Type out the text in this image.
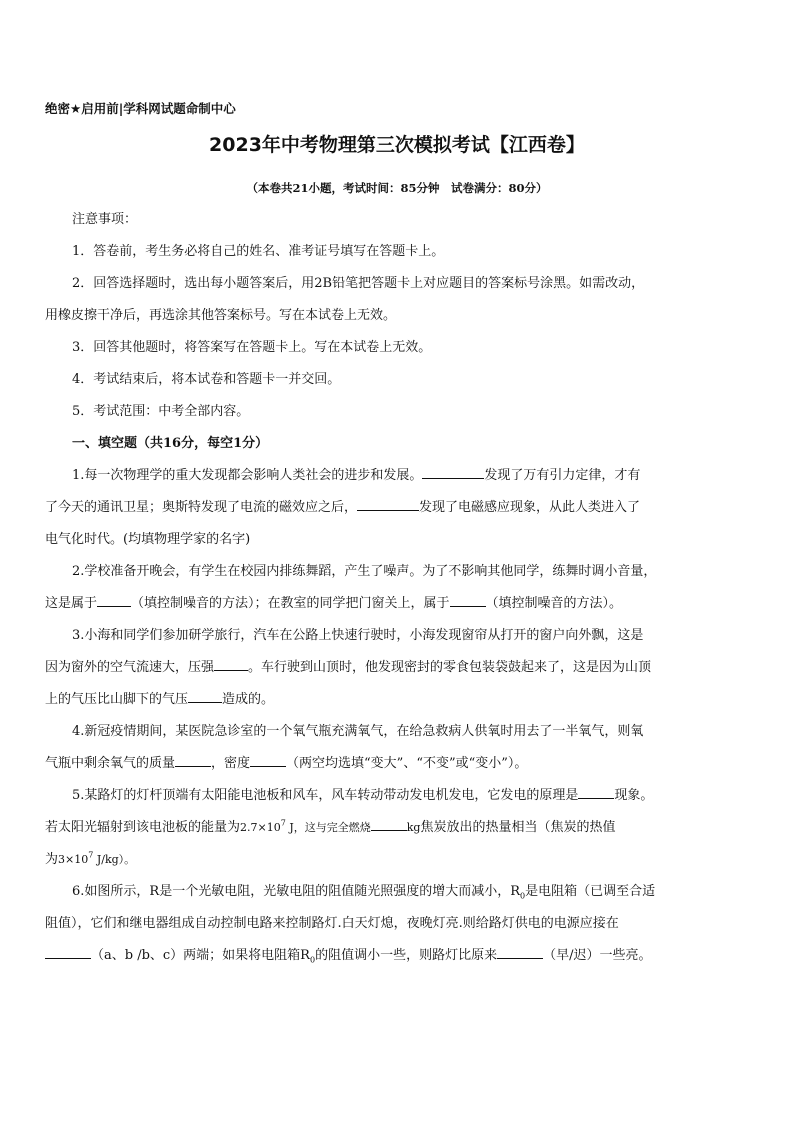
绝密★启用前|学科网试题命制中心
2023年中考物理第三次模拟考试【江西卷】
（本卷共21小题，考试时间：85分钟　试卷满分：80分）
注意事项：
1．答卷前，考生务必将自己的姓名、准考证号填写在答题卡上。
2．回答选择题时，选出每小题答案后，用2B铅笔把答题卡上对应题目的答案标号涂黑。如需改动，
用橡皮擦干净后，再选涂其他答案标号。写在本试卷上无效。
3．回答其他题时，将答案写在答题卡上。写在本试卷上无效。
4．考试结束后，将本试卷和答题卡一并交回。
5．考试范围：中考全部内容。
一、填空题（共16分，每空1分）
1.每一次物理学的重大发现都会影响人类社会的进步和发展。	发现了万有引力定律，才有
了今天的通讯卫星；奥斯特发现了电流的磁效应之后，	发现了电磁感应现象，从此人类进入了
电气化时代。(均填物理学家的名字)
2.学校准备开晚会，有学生在校园内排练舞蹈，产生了噪声。为了不影响其他同学，练舞时调小音量，
这是属于	（填控制噪音的方法）；在教室的同学把门窗关上，属于	（填控制噪音的方法）。
3.小海和同学们参加研学旅行，汽车在公路上快速行驶时，小海发现窗帘从打开的窗户向外飘，这是
因为窗外的空气流速大，压强	。车行驶到山顶时，他发现密封的零食包装袋鼓起来了，这是因为山顶
上的气压比山脚下的气压	造成的。
4.新冠疫情期间，某医院急诊室的一个氧气瓶充满氧气，在给急救病人供氧时用去了一半氧气，则氧
气瓶中剩余氧气的质量	，密度	（两空均选填“变大”、“不变”或“变小”）。
5.某路灯的灯杆顶端有太阳能电池板和风车，风车转动带动发电机发电，它发电的原理是	现象。
若太阳光辐射到该电池板的能量为$2.7\times 10^7$ J，这与完全燃烧	kg焦炭放出的热量相当（焦炭的热值
为$3\times 10^7$ J/kg）。
6.如图所示，R是一个光敏电阻，光敏电阻的阻值随光照强度的增大而减小，$R_0$是电阻箱（已调至合适
阻值），它们和继电器组成自动控制电路来控制路灯.白天灯熄，夜晚灯亮.则给路灯供电的电源应接在
（a、b /b、c）两端；如果将电阻箱$R_0$的阻值调小一些，则路灯比原来	（早/迟）一些亮。
